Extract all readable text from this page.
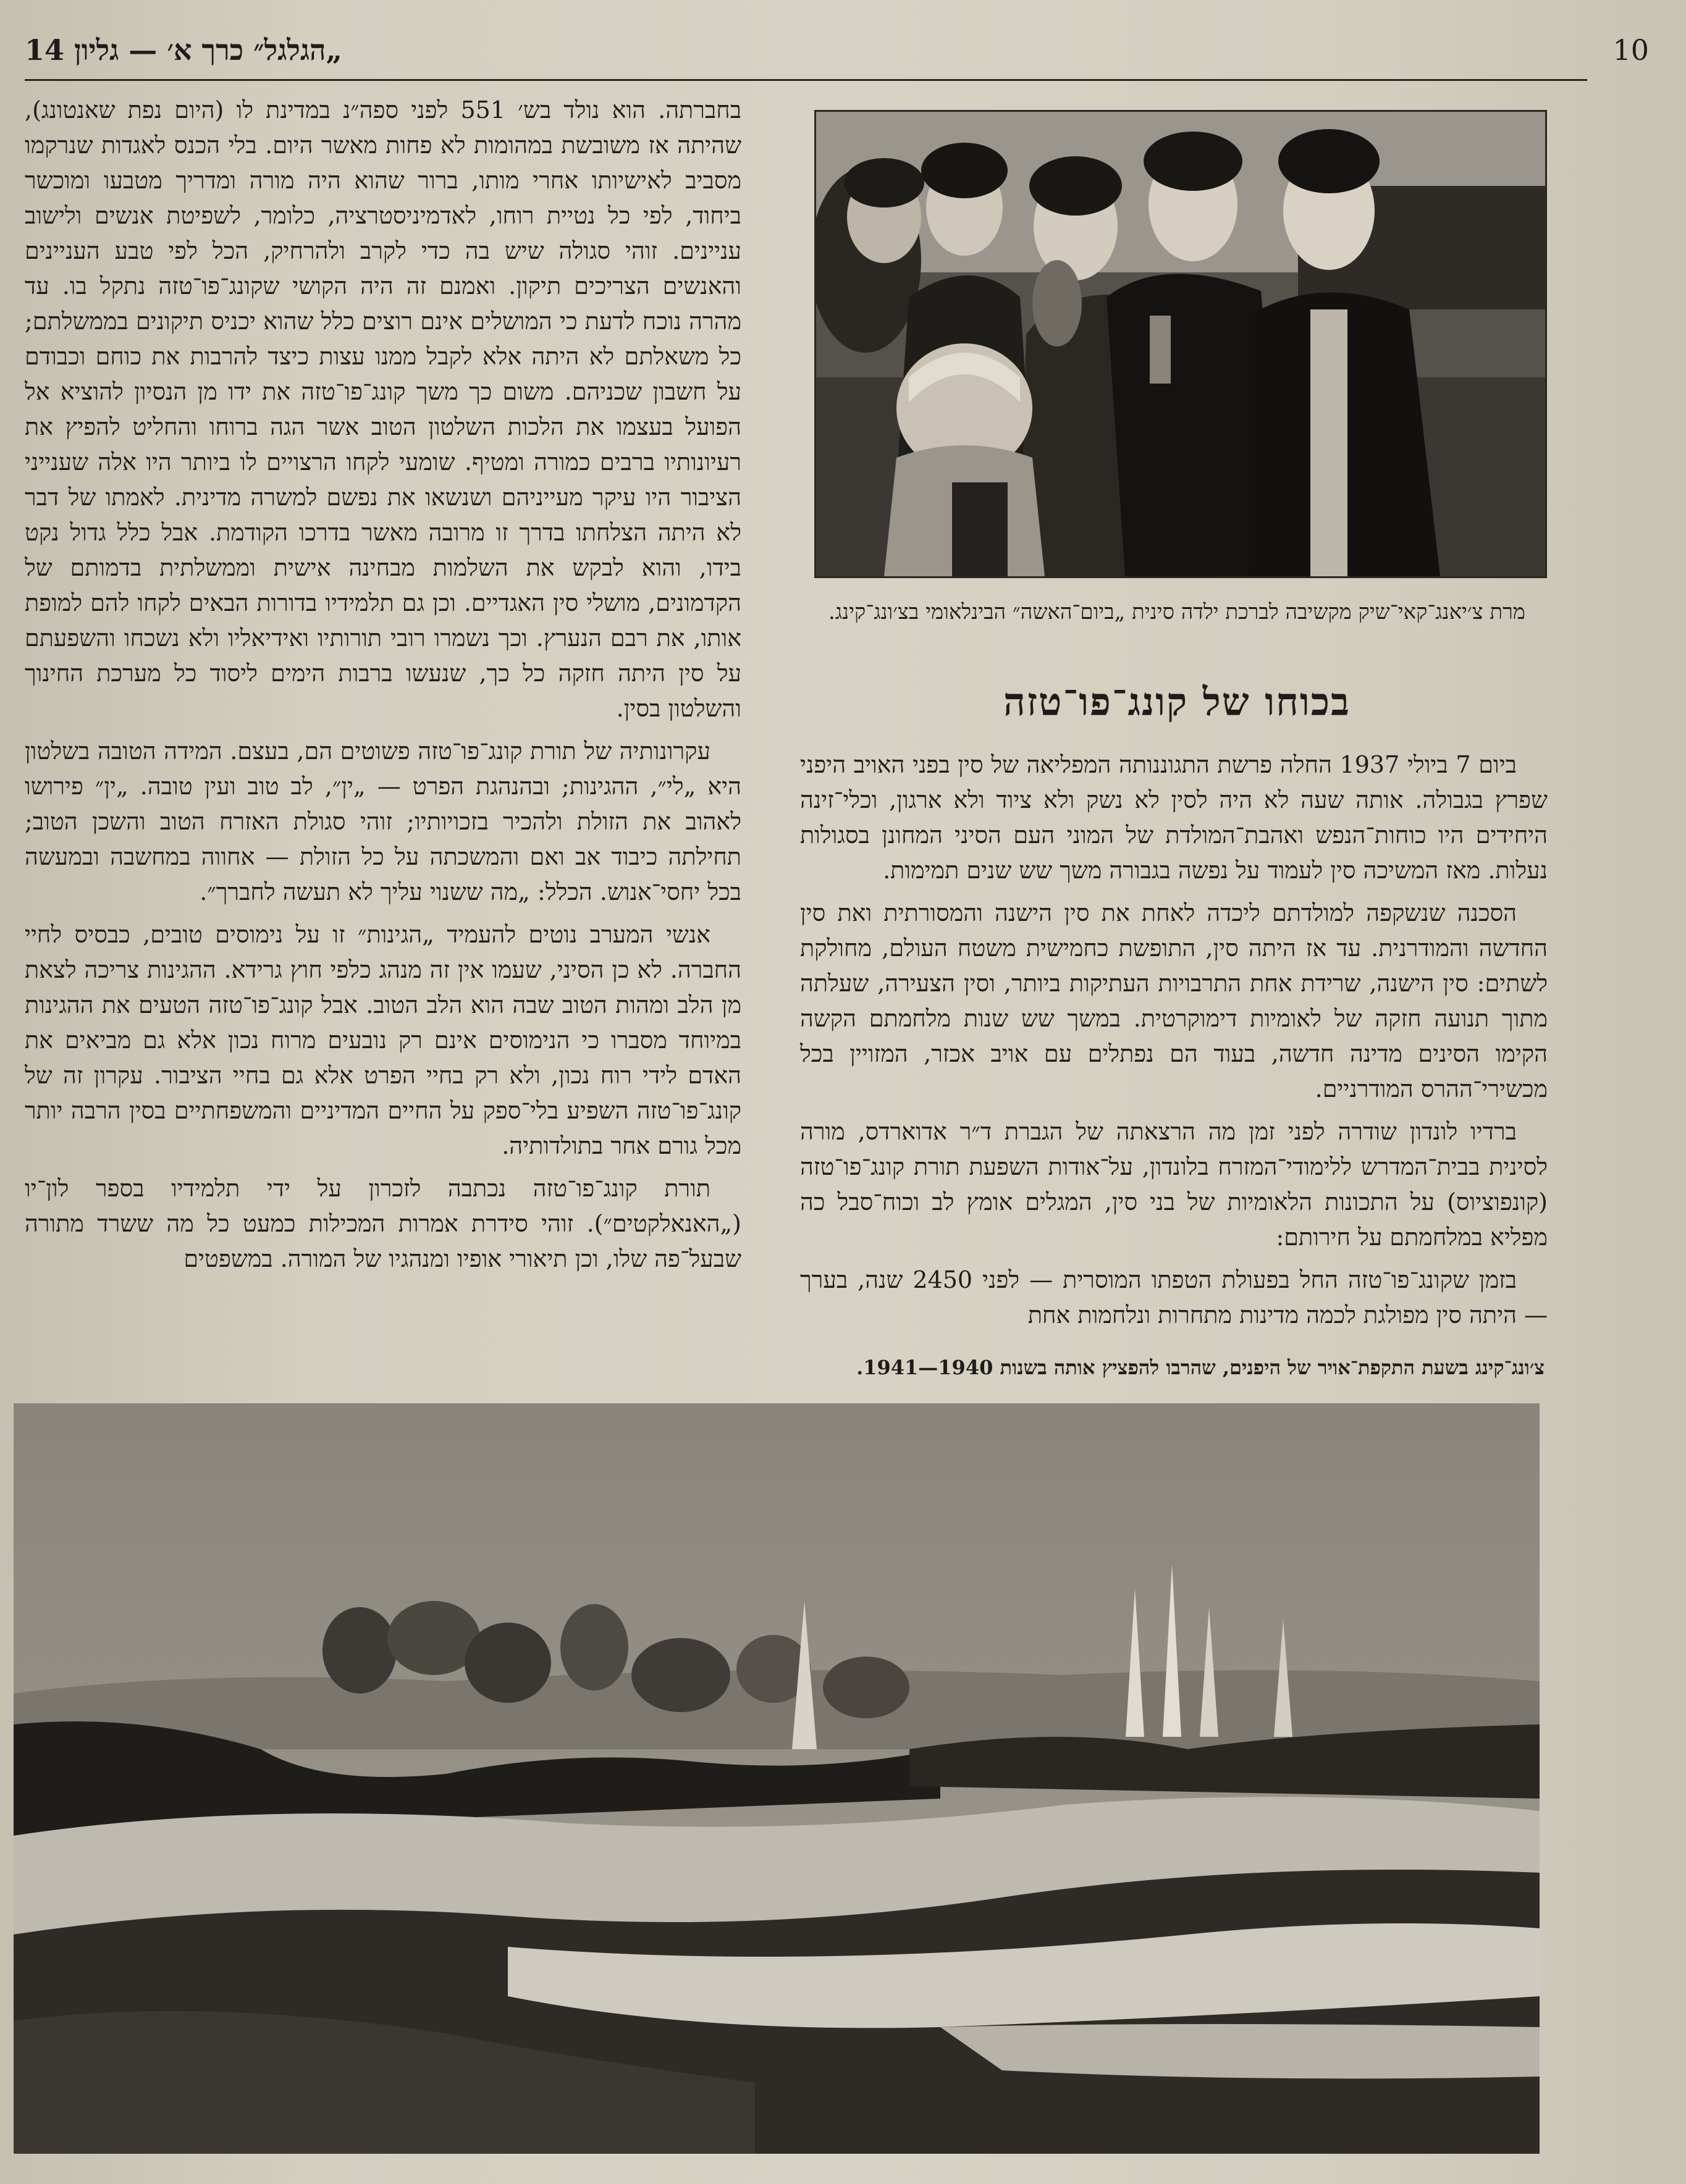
„הגלגל״ כרך א׳ — גליון 14	10

בחברתה. הוא נולד בש׳ 551 לפני ספה״נ במדינת לו (היום נפת שאנטונג), שהיתה אז משובשת במהומות לא פחות מאשר היום. בלי הכנס לאגדות שנרקמו מסביב לאישיותו אחרי מותו, ברור שהוא היה מורה ומדריך מטבעו ומוכשר ביחוד, לפי כל נטיית רוחו, לאדמיניסטרציה, כלומר, לשפיטת אנשים ולישוב עניינים. זוהי סגולה שיש בה כדי לקרב ולהרחיק, הכל לפי טבע העניינים והאנשים הצריכים תיקון. ואמנם זה היה הקושי שקונג־פו־טזה נתקל בו. עד מהרה נוכח לדעת כי המושלים אינם רוצים כלל שהוא יכניס תיקונים בממשלתם; כל משאלתם לא היתה אלא לקבל ממנו עצות כיצד להרבות את כוחם וכבודם על חשבון שכניהם. משום כך משך קונג־פו־טזה את ידו מן הנסיון להוציא אל הפועל בעצמו את הלכות השלטון הטוב אשר הגה ברוחו והחליט להפיץ את רעיונותיו ברבים כמורה ומטיף. שומעי לקחו הרצויים לו ביותר היו אלה שענייני הציבור היו עיקר מעייניהם ושנשאו את נפשם למשרה מדינית. לאמתו של דבר לא היתה הצלחתו בדרך זו מרובה מאשר בדרכו הקודמת. אבל כלל גדול נקט בידו, והוא לבקש את השלמות מבחינה אישית וממשלתית בדמותם של הקדמונים, מושלי סין האגדיים. וכן גם תלמידיו בדורות הבאים לקחו להם למופת אותו, את רבם הנערץ. וכך נשמרו רובי תורותיו ואידיאליו ולא נשכחו והשפעתם על סין היתה חזקה כל כך, שנעשו ברבות הימים ליסוד כל מערכת החינוך והשלטון בסין.

עקרונותיה של תורת קונג־פו־טזה פשוטים הם, בעצם. המידה הטובה בשלטון היא „לי״, ההגינות; ובהנהגת הפרט — „ין״, לב טוב ועין טובה. „ין״ פירושו לאהוב את הזולת ולהכיר בזכויותיו; זוהי סגולת האזרח הטוב והשכן הטוב; תחילתה כיבוד אב ואם והמשכתה על כל הזולת — אחווה במחשבה ובמעשה בכל יחסי־אנוש. הכלל: „מה ששנוי עליך לא תעשה לחברך״.

אנשי המערב נוטים להעמיד „הגינות״ זו על נימוסים טובים, כבסיס לחיי החברה. לא כן הסיני, שעמו אין זה מנהג כלפי חוץ גרידא. ההגינות צריכה לצאת מן הלב ומהות הטוב שבה הוא הלב הטוב. אבל קונג־פו־טזה הטעים את ההגינות במיוחד מסברו כי הנימוסים אינם רק נובעים מרוח נכון אלא גם מביאים את האדם לידי רוח נכון, ולא רק בחיי הפרט אלא גם בחיי הציבור. עקרון זה של קונג־פו־טזה השפיע בלי־ספק על החיים המדיניים והמשפחתיים בסין הרבה יותר מכל גורם אחר בתולדותיה.

תורת קונג־פו־טזה נכתבה לזכרון על ידי תלמידיו בספר לון־יו („האנאלקטים״). זוהי סידרת אמרות המכילות כמעט כל מה ששרד מתורה שבעל־פה שלו, וכן תיאורי אופיו ומנהגיו של המורה. במשפטים

מרת צ׳יאנג־קאי־שיק מקשיבה לברכת ילדה סינית „ביום־האשה״ הבינלאומי בצ׳ונג־קינג.
בכוחו של קונג־פו־טזה

ביום 7 ביולי 1937 החלה פרשת התגוננותה המפליאה של סין בפני האויב היפני שפרץ בגבולה. אותה שעה לא היה לסין לא נשק ולא ציוד ולא ארגון, וכלי־זינה היחידים היו כוחות־הנפש ואהבת־המולדת של המוני העם הסיני המחונן בסגולות נעלות. מאז המשיכה סין לעמוד על נפשה בגבורה משך שש שנים תמימות.

הסכנה שנשקפה למולדתם ליכדה לאחת את סין הישנה והמסורתית ואת סין החדשה והמודרנית. עד אז היתה סין, התופשת כחמישית משטח העולם, מחולקת לשתים: סין הישנה, שרידת אחת התרבויות העתיקות ביותר, וסין הצעירה, שעלתה מתוך תנועה חזקה של לאומיות דימוקרטית. במשך שש שנות מלחמתם הקשה הקימו הסינים מדינה חדשה, בעוד הם נפתלים עם אויב אכזר, המזויין בכל מכשירי־ההרס המודרניים.

ברדיו לונדון שודרה לפני זמן מה הרצאתה של הגברת ד״ר אדוארדס, מורה לסינית בבית־המדרש ללימודי־המזרח בלונדון, על־אודות השפעת תורת קונג־פו־טזה (קונפוציוס) על התכונות הלאומיות של בני סין, המגלים אומץ לב וכוח־סבל כה מפליא במלחמתם על חירותם:

בזמן שקונג־פו־טזה החל בפעולת הטפתו המוסרית — לפני 2450 שנה, בערך — היתה סין מפולגת לכמה מדינות מתחרות ונלחמות אחת

צ׳ונג־קינג בשעת התקפת־אויר של היפנים, שהרבו להפציץ אותה בשנות 1940—1941.
